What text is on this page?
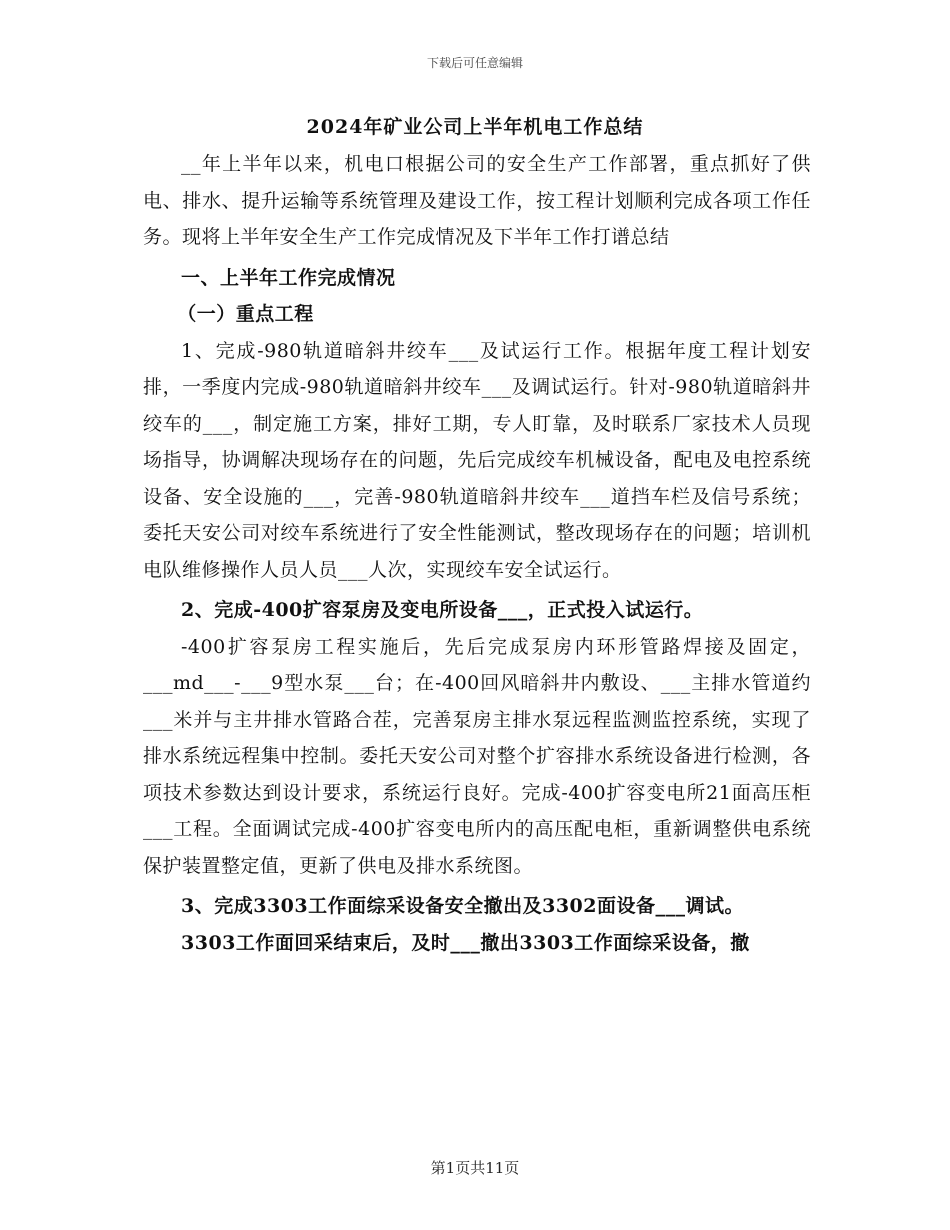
下载后可任意编辑
2024年矿业公司上半年机电工作总结

__年上半年以来，机电口根据公司的安全生产工作部署，重点抓好了供电、排水、提升运输等系统管理及建设工作，按工程计划顺利完成各项工作任务。现将上半年安全生产工作完成情况及下半年工作打谱总结

一、上半年工作完成情况

（一）重点工程

1、完成-980轨道暗斜井绞车___及试运行工作。根据年度工程计划安排，一季度内完成-980轨道暗斜井绞车___及调试运行。针对-980轨道暗斜井绞车的___，制定施工方案，排好工期，专人盯靠，及时联系厂家技术人员现场指导，协调解决现场存在的问题，先后完成绞车机械设备，配电及电控系统设备、安全设施的___，完善-980轨道暗斜井绞车___道挡车栏及信号系统；委托天安公司对绞车系统进行了安全性能测试，整改现场存在的问题；培训机电队维修操作人员人员___人次，实现绞车安全试运行。

2、完成-400扩容泵房及变电所设备___，正式投入试运行。

-400扩容泵房工程实施后，先后完成泵房内环形管路焊接及固定，___md___-___9型水泵___台；在-400回风暗斜井内敷设、___主排水管道约___米并与主井排水管路合茬，完善泵房主排水泵远程监测监控系统，实现了排水系统远程集中控制。委托天安公司对整个扩容排水系统设备进行检测，各项技术参数达到设计要求，系统运行良好。完成-400扩容变电所21面高压柜___工程。全面调试完成-400扩容变电所内的高压配电柜，重新调整供电系统保护装置整定值，更新了供电及排水系统图。

3、完成3303工作面综采设备安全撤出及3302面设备___调试。

3303工作面回采结束后，及时___撤出3303工作面综采设备，撤

第1页共11页
